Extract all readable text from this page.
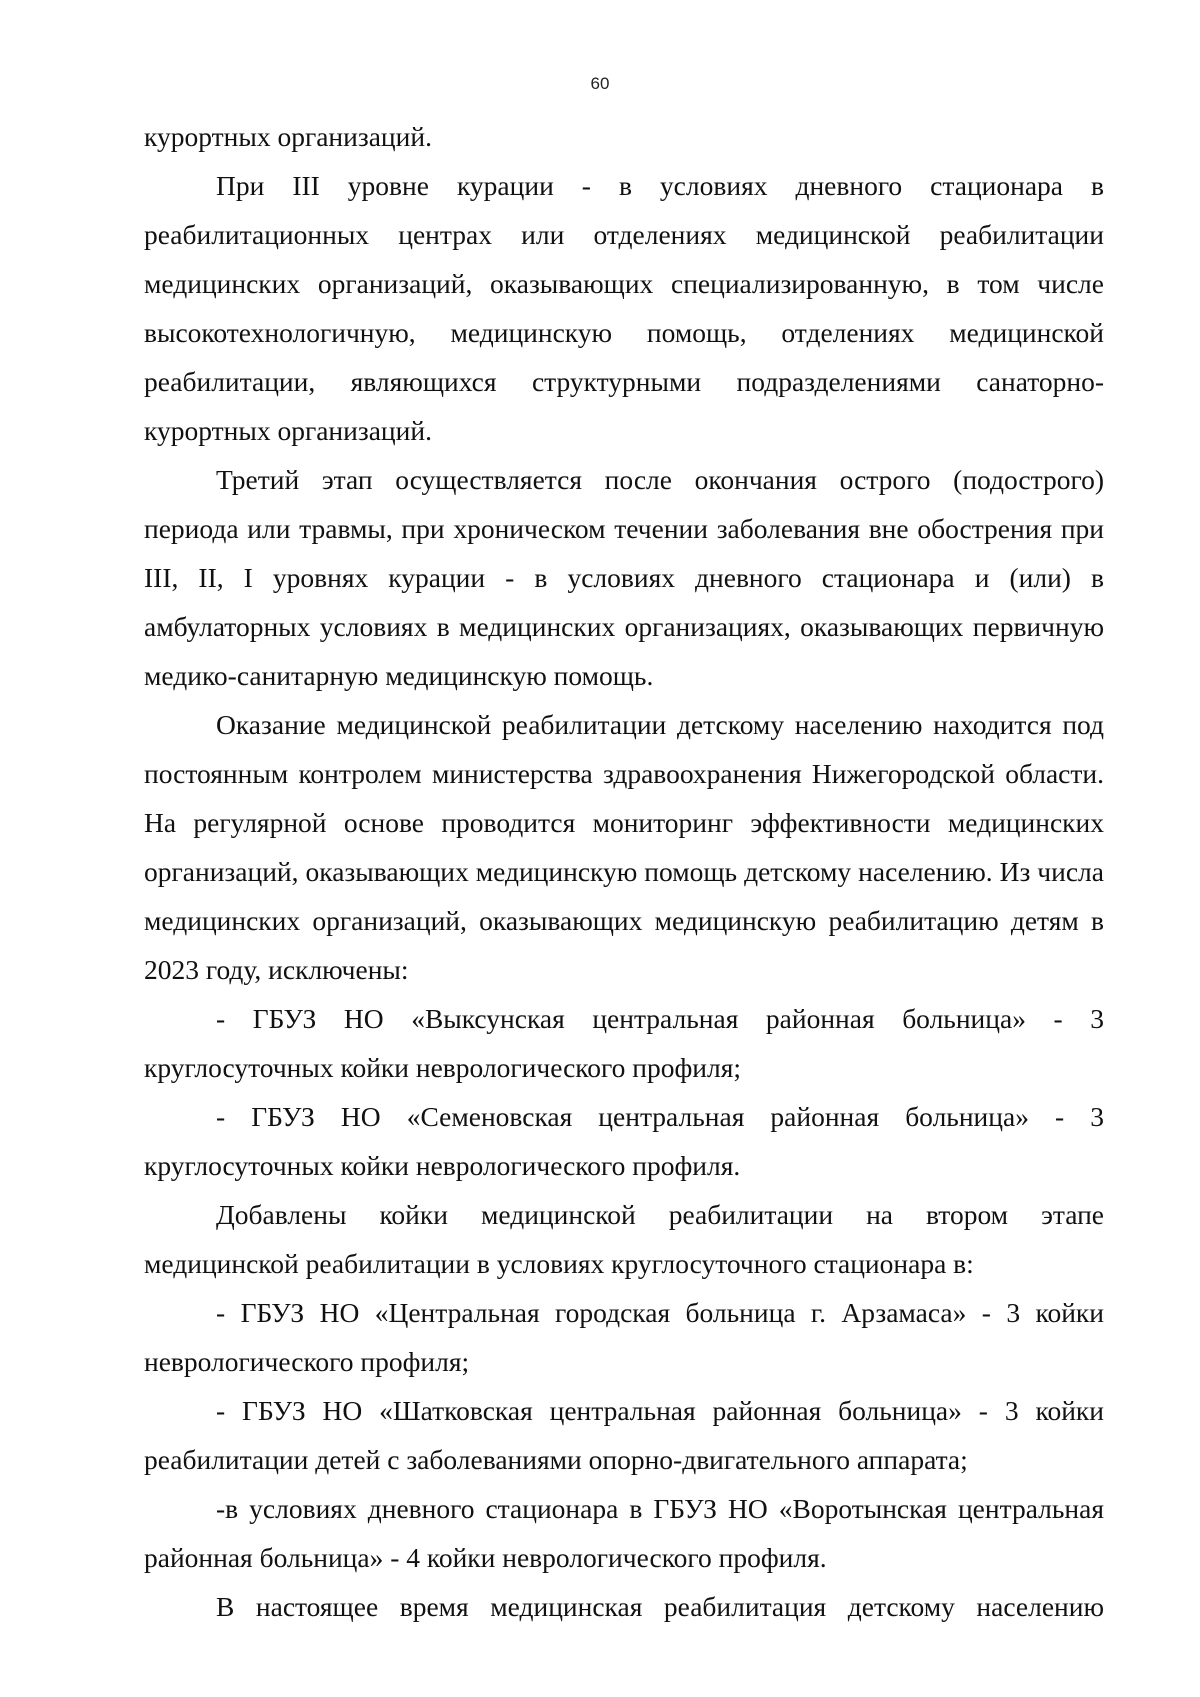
60

курортных организаций.

При III уровне курации - в условиях дневного стационара в реабилитационных центрах или отделениях медицинской реабилитации медицинских организаций, оказывающих специализированную, в том числе высокотехнологичную, медицинскую помощь, отделениях медицинской реабилитации, являющихся структурными подразделениями санаторно-курортных организаций.

Третий этап осуществляется после окончания острого (подострого) периода или травмы, при хроническом течении заболевания вне обострения при III, II, I уровнях курации - в условиях дневного стационара и (или) в амбулаторных условиях в медицинских организациях, оказывающих первичную медико-санитарную медицинскую помощь.

Оказание медицинской реабилитации детскому населению находится под постоянным контролем министерства здравоохранения Нижегородской области. На регулярной основе проводится мониторинг эффективности медицинских организаций, оказывающих медицинскую помощь детскому населению. Из числа медицинских организаций, оказывающих медицинскую реабилитацию детям в 2023 году, исключены:

- ГБУЗ НО «Выксунская центральная районная больница» - 3 круглосуточных койки неврологического профиля;

- ГБУЗ НО «Семеновская центральная районная больница» - 3 круглосуточных койки неврологического профиля.

Добавлены койки медицинской реабилитации на втором этапе медицинской реабилитации в условиях круглосуточного стационара в:

- ГБУЗ НО «Центральная городская больница г. Арзамаса» - 3 койки неврологического профиля;

- ГБУЗ НО «Шатковская центральная районная больница» - 3 койки реабилитации детей с заболеваниями опорно-двигательного аппарата;

-в условиях дневного стационара в ГБУЗ НО «Воротынская центральная районная больница» - 4 койки неврологического профиля.

В настоящее время медицинская реабилитация детскому населению
